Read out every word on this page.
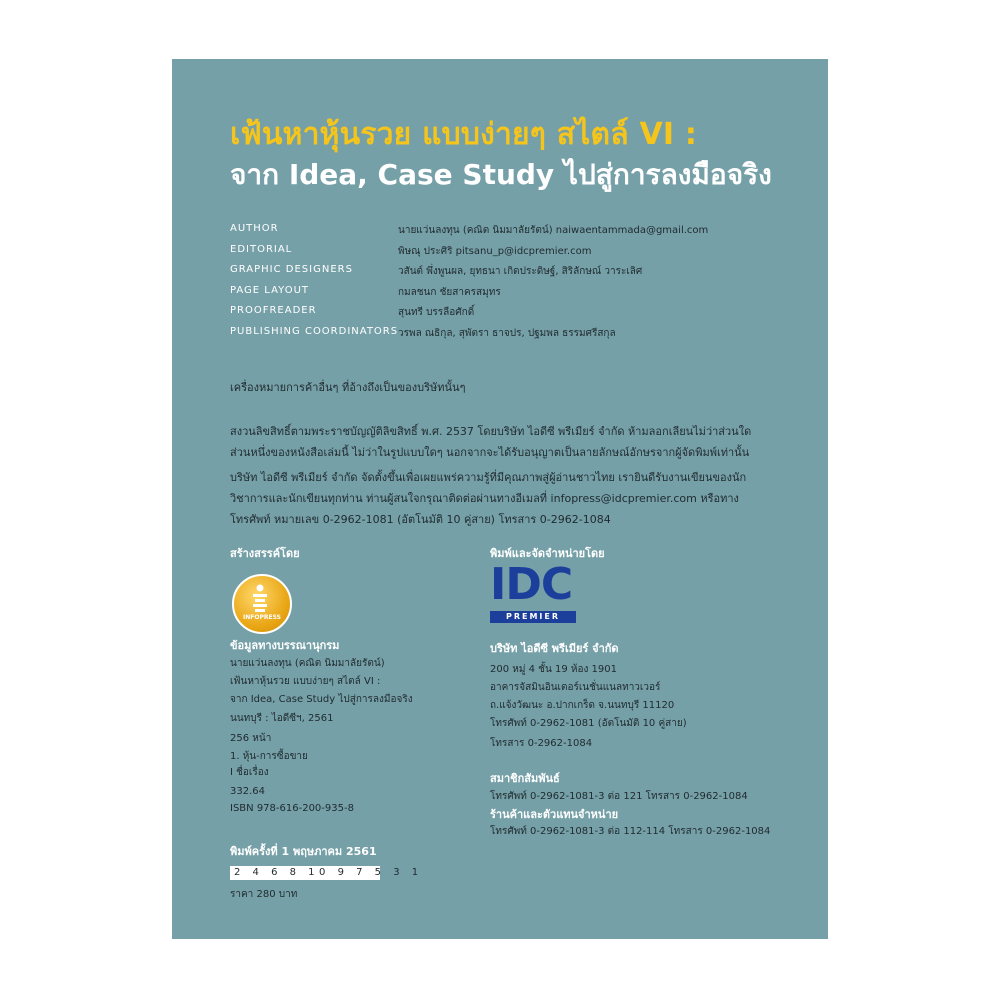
เฟ้นหาหุ้นรวย แบบง่ายๆ สไตล์ VI :
จาก Idea, Case Study ไปสู่การลงมือจริง
AUTHOR	นายแว่นลงทุน (คณิต นิมมาลัยรัตน์) naiwaentammada@gmail.com
EDITORIAL	พิษณุ ประศิริ pitsanu_p@idcpremier.com
GRAPHIC DESIGNERS	วสันต์ พึ่งพูนผล, ยุทธนา เกิดประดิษฐ์, สิริลักษณ์ วาระเลิศ
PAGE LAYOUT	กมลชนก ชัยสาครสมุทร
PROOFREADER	สุนทรี บรรลือศักดิ์
PUBLISHING COORDINATORS วรพล ณธิกุล, สุพัตรา ธาจปร, ปฐมพล ธรรมศรีสกุล
เครื่องหมายการค้าอื่นๆ ที่อ้างถึงเป็นของบริษัทนั้นๆ
สงวนลิขสิทธิ์ตามพระราชบัญญัติลิขสิทธิ์ พ.ศ. 2537 โดยบริษัท ไอดีซี พรีเมียร์ จำกัด ห้ามลอกเลียนไม่ว่าส่วนใดส่วนหนึ่งของหนังสือเล่มนี้ ไม่ว่าในรูปแบบใดๆ นอกจากจะได้รับอนุญาตเป็นลายลักษณ์อักษรจากผู้จัดพิมพ์เท่านั้น
บริษัท ไอดีซี พรีเมียร์ จำกัด จัดตั้งขึ้นเพื่อเผยแพร่ความรู้ที่มีคุณภาพสู่ผู้อ่านชาวไทย เรายินดีรับงานเขียนของนักวิชาการและนักเขียนทุกท่าน ท่านผู้สนใจกรุณาติดต่อผ่านทางอีเมลที่ infopress@idcpremier.com หรือทางโทรศัพท์ หมายเลข 0-2962-1081 (อัตโนมัติ 10 คู่สาย) โทรสาร 0-2962-1084
สร้างสรรค์โดย
INFOPRESS
ข้อมูลทางบรรณานุกรม
นายแว่นลงทุน (คณิต นิมมาลัยรัตน์)
เฟ้นหาหุ้นรวย แบบง่ายๆ สไตล์ VI :
จาก Idea, Case Study ไปสู่การลงมือจริง
นนทบุรี : ไอดีซีฯ, 2561
256 หน้า
1. หุ้น-การซื้อขาย
I ชื่อเรื่อง
332.64
ISBN 978-616-200-935-8
พิมพ์ครั้งที่ 1 พฤษภาคม 2561
2 4 6 8 10 9 7 5 3 1
ราคา 280 บาท
พิมพ์และจัดจำหน่ายโดย
IDC
PREMIER
บริษัท ไอดีซี พรีเมียร์ จำกัด
200 หมู่ 4 ชั้น 19 ห้อง 1901
อาคารจัสมินอินเตอร์เนชั่นแนลทาวเวอร์
ถ.แจ้งวัฒนะ อ.ปากเกร็ด จ.นนทบุรี 11120
โทรศัพท์ 0-2962-1081 (อัตโนมัติ 10 คู่สาย)
โทรสาร 0-2962-1084
สมาชิกสัมพันธ์
โทรศัพท์ 0-2962-1081-3 ต่อ 121 โทรสาร 0-2962-1084
ร้านค้าและตัวแทนจำหน่าย
โทรศัพท์ 0-2962-1081-3 ต่อ 112-114 โทรสาร 0-2962-1084
